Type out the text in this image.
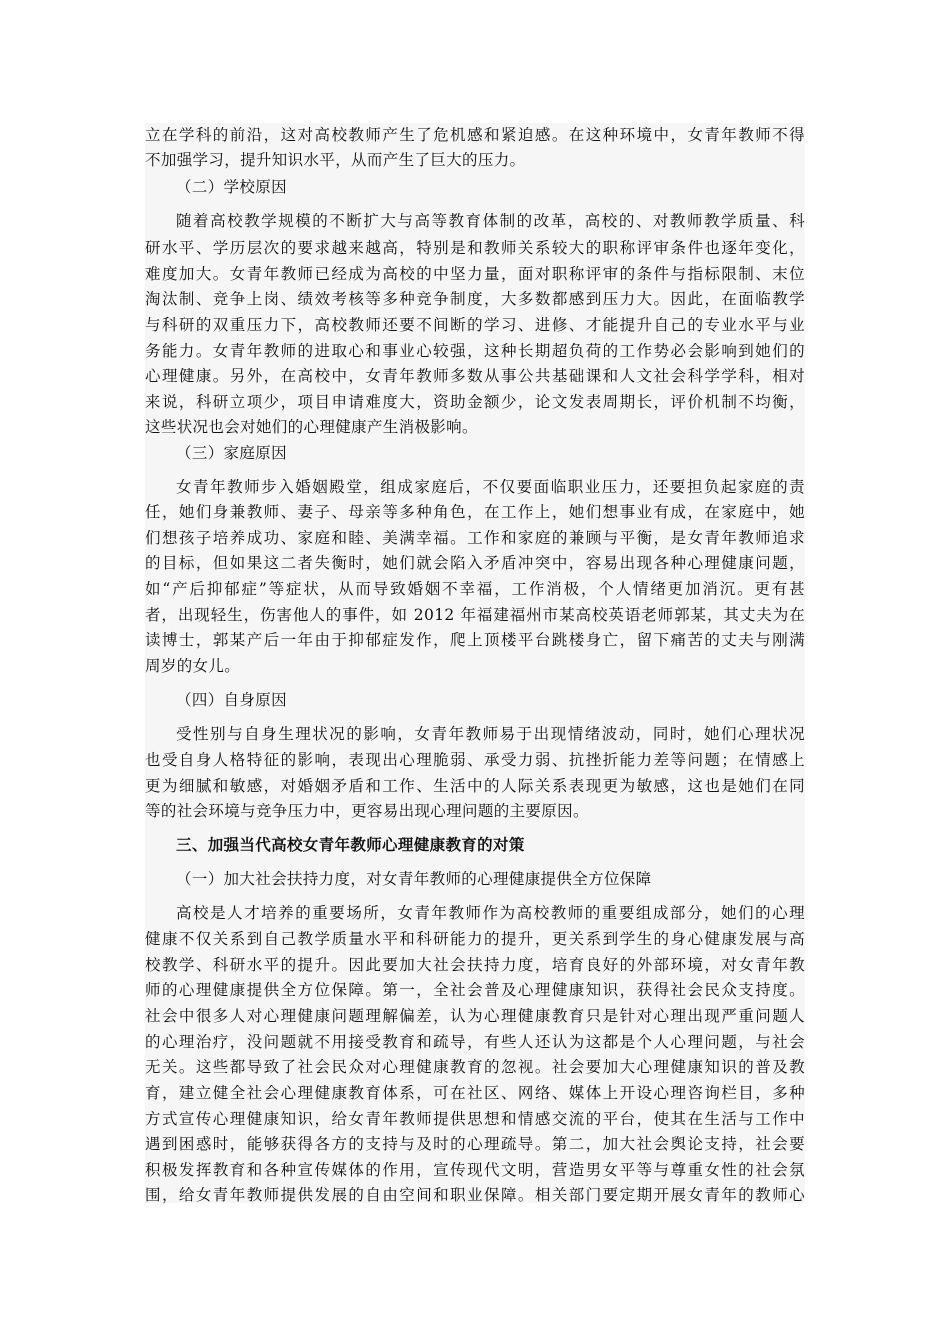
立在学科的前沿，这对高校教师产生了危机感和紧迫感。在这种环境中，女青年教师不得
不加强学习，提升知识水平，从而产生了巨大的压力。
（二）学校原因
随着高校教学规模的不断扩大与高等教育体制的改革，高校的、对教师教学质量、科
研水平、学历层次的要求越来越高，特别是和教师关系较大的职称评审条件也逐年变化，
难度加大。女青年教师已经成为高校的中坚力量，面对职称评审的条件与指标限制、末位
淘汰制、竞争上岗、绩效考核等多种竞争制度，大多数都感到压力大。因此，在面临教学
与科研的双重压力下，高校教师还要不间断的学习、进修、才能提升自己的专业水平与业
务能力。女青年教师的进取心和事业心较强，这种长期超负荷的工作势必会影响到她们的
心理健康。另外，在高校中，女青年教师多数从事公共基础课和人文社会科学学科，相对
来说，科研立项少，项目申请难度大，资助金额少，论文发表周期长，评价机制不均衡，
这些状况也会对她们的心理健康产生消极影响。
（三）家庭原因
女青年教师步入婚姻殿堂，组成家庭后，不仅要面临职业压力，还要担负起家庭的责
任，她们身兼教师、妻子、母亲等多种角色，在工作上，她们想事业有成，在家庭中，她
们想孩子培养成功、家庭和睦、美满幸福。工作和家庭的兼顾与平衡，是女青年教师追求
的目标，但如果这二者失衡时，她们就会陷入矛盾冲突中，容易出现各种心理健康问题，
如“产后抑郁症”等症状，从而导致婚姻不幸福，工作消极，个人情绪更加消沉。更有甚
者，出现轻生，伤害他人的事件，如 2012 年福建福州市某高校英语老师郭某，其丈夫为在
读博士，郭某产后一年由于抑郁症发作，爬上顶楼平台跳楼身亡，留下痛苦的丈夫与刚满
周岁的女儿。
（四）自身原因
受性别与自身生理状况的影响，女青年教师易于出现情绪波动，同时，她们心理状况
也受自身人格特征的影响，表现出心理脆弱、承受力弱、抗挫折能力差等问题；在情感上
更为细腻和敏感，对婚姻矛盾和工作、生活中的人际关系表现更为敏感，这也是她们在同
等的社会环境与竞争压力中，更容易出现心理问题的主要原因。
三、加强当代高校女青年教师心理健康教育的对策
（一）加大社会扶持力度，对女青年教师的心理健康提供全方位保障
高校是人才培养的重要场所，女青年教师作为高校教师的重要组成部分，她们的心理
健康不仅关系到自己教学质量水平和科研能力的提升，更关系到学生的身心健康发展与高
校教学、科研水平的提升。因此要加大社会扶持力度，培育良好的外部环境，对女青年教
师的心理健康提供全方位保障。第一，全社会普及心理健康知识，获得社会民众支持度。
社会中很多人对心理健康问题理解偏差，认为心理健康教育只是针对心理出现严重问题人
的心理治疗，没问题就不用接受教育和疏导，有些人还认为这都是个人心理问题，与社会
无关。这些都导致了社会民众对心理健康教育的忽视。社会要加大心理健康知识的普及教
育，建立健全社会心理健康教育体系，可在社区、网络、媒体上开设心理咨询栏目，多种
方式宣传心理健康知识，给女青年教师提供思想和情感交流的平台，使其在生活与工作中
遇到困惑时，能够获得各方的支持与及时的心理疏导。第二，加大社会舆论支持，社会要
积极发挥教育和各种宣传媒体的作用，宣传现代文明，营造男女平等与尊重女性的社会氛
围，给女青年教师提供发展的自由空间和职业保障。相关部门要定期开展女青年的教师心
